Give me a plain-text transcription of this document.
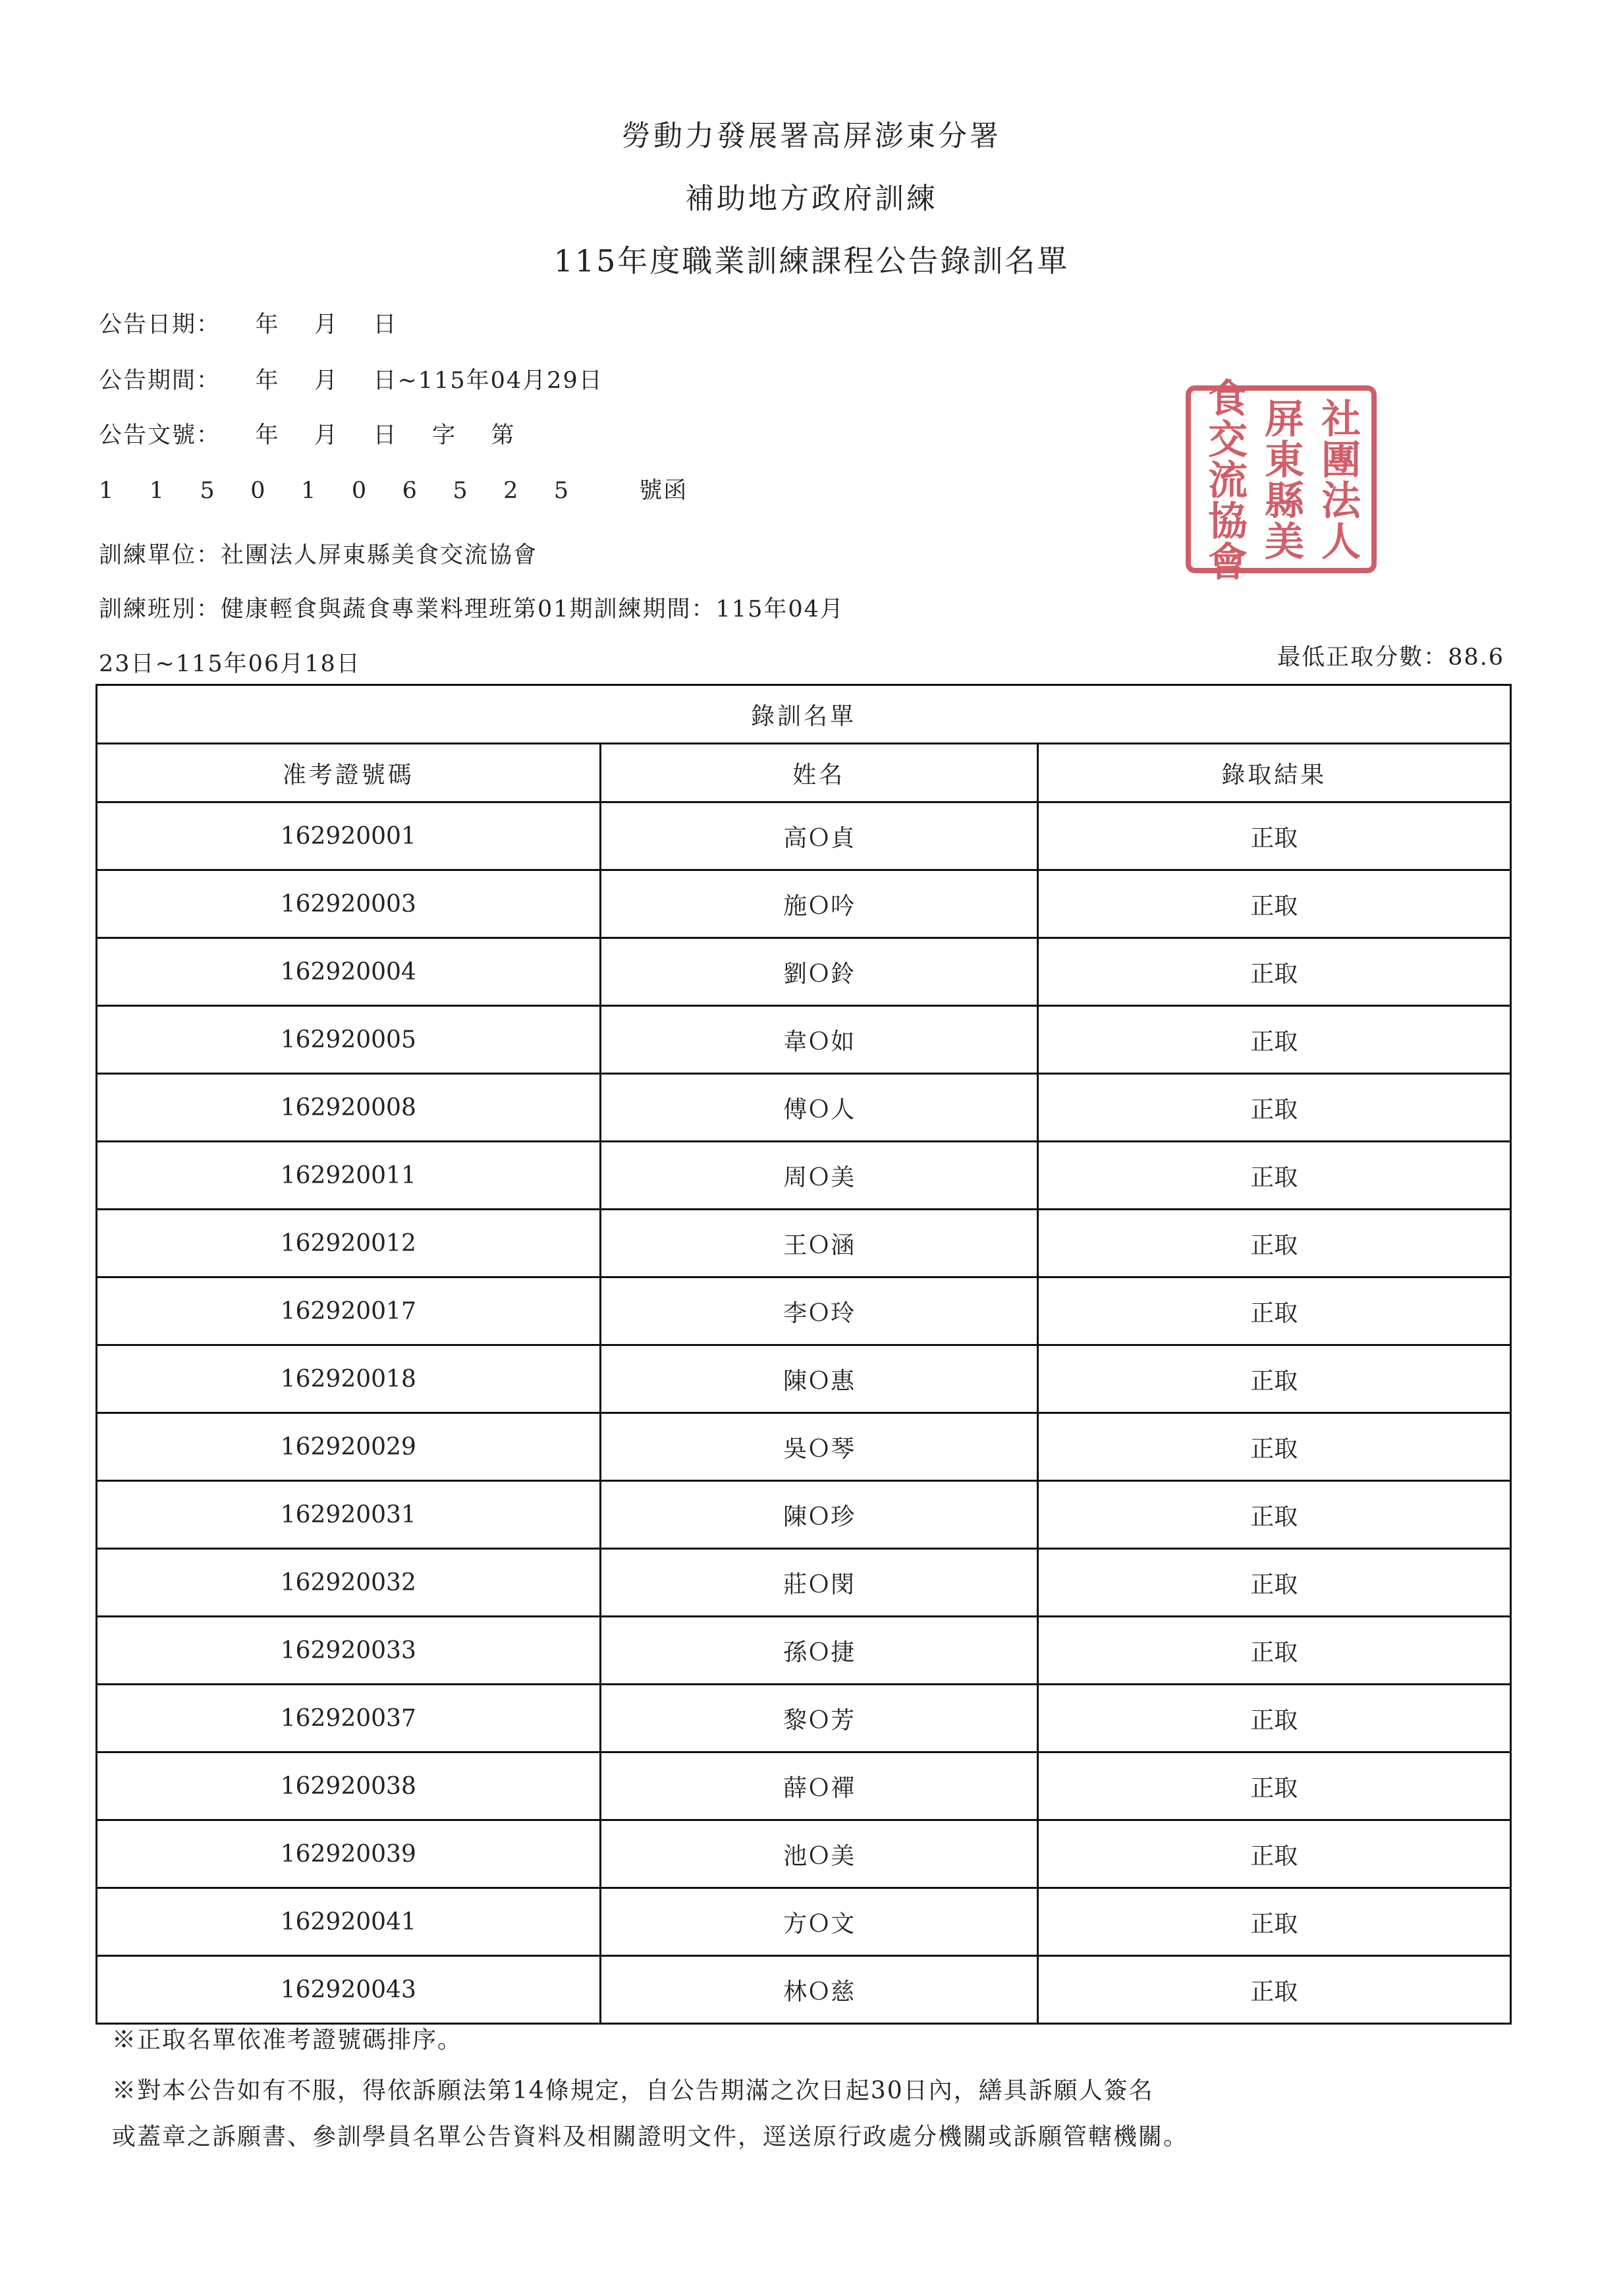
勞動力發展署高屏澎東分署
補助地方政府訓練
115年度職業訓練課程公告錄訓名單
公告日期：    年    月    日
公告期間：    年    月    日~115年04月29日
公告文號：    年    月    日    字    第
1    1    5    0    1    0    6    5    2    5        號函
訓練單位：社團法人屏東縣美食交流協會
訓練班別：健康輕食與蔬食專業料理班第01期訓練期間：115年04月
23日~115年06月18日	最低正取分數：88.6
社團法人
屏東縣美
食交流協會
錄訓名單		
准考證號碼	姓名	錄取結果
162920001	高Ｏ貞	正取
162920003	施Ｏ吟	正取
162920004	劉Ｏ鈴	正取
162920005	韋Ｏ如	正取
162920008	傅Ｏ人	正取
162920011	周Ｏ美	正取
162920012	王Ｏ涵	正取
162920017	李Ｏ玲	正取
162920018	陳Ｏ惠	正取
162920029	吳Ｏ琴	正取
162920031	陳Ｏ珍	正取
162920032	莊Ｏ閔	正取
162920033	孫Ｏ捷	正取
162920037	黎Ｏ芳	正取
162920038	薛Ｏ禪	正取
162920039	池Ｏ美	正取
162920041	方Ｏ文	正取
162920043	林Ｏ慈	正取
※正取名單依准考證號碼排序。
※對本公告如有不服，得依訴願法第14條規定，自公告期滿之次日起30日內，繕具訴願人簽名
或蓋章之訴願書、參訓學員名單公告資料及相關證明文件，逕送原行政處分機關或訴願管轄機關。
